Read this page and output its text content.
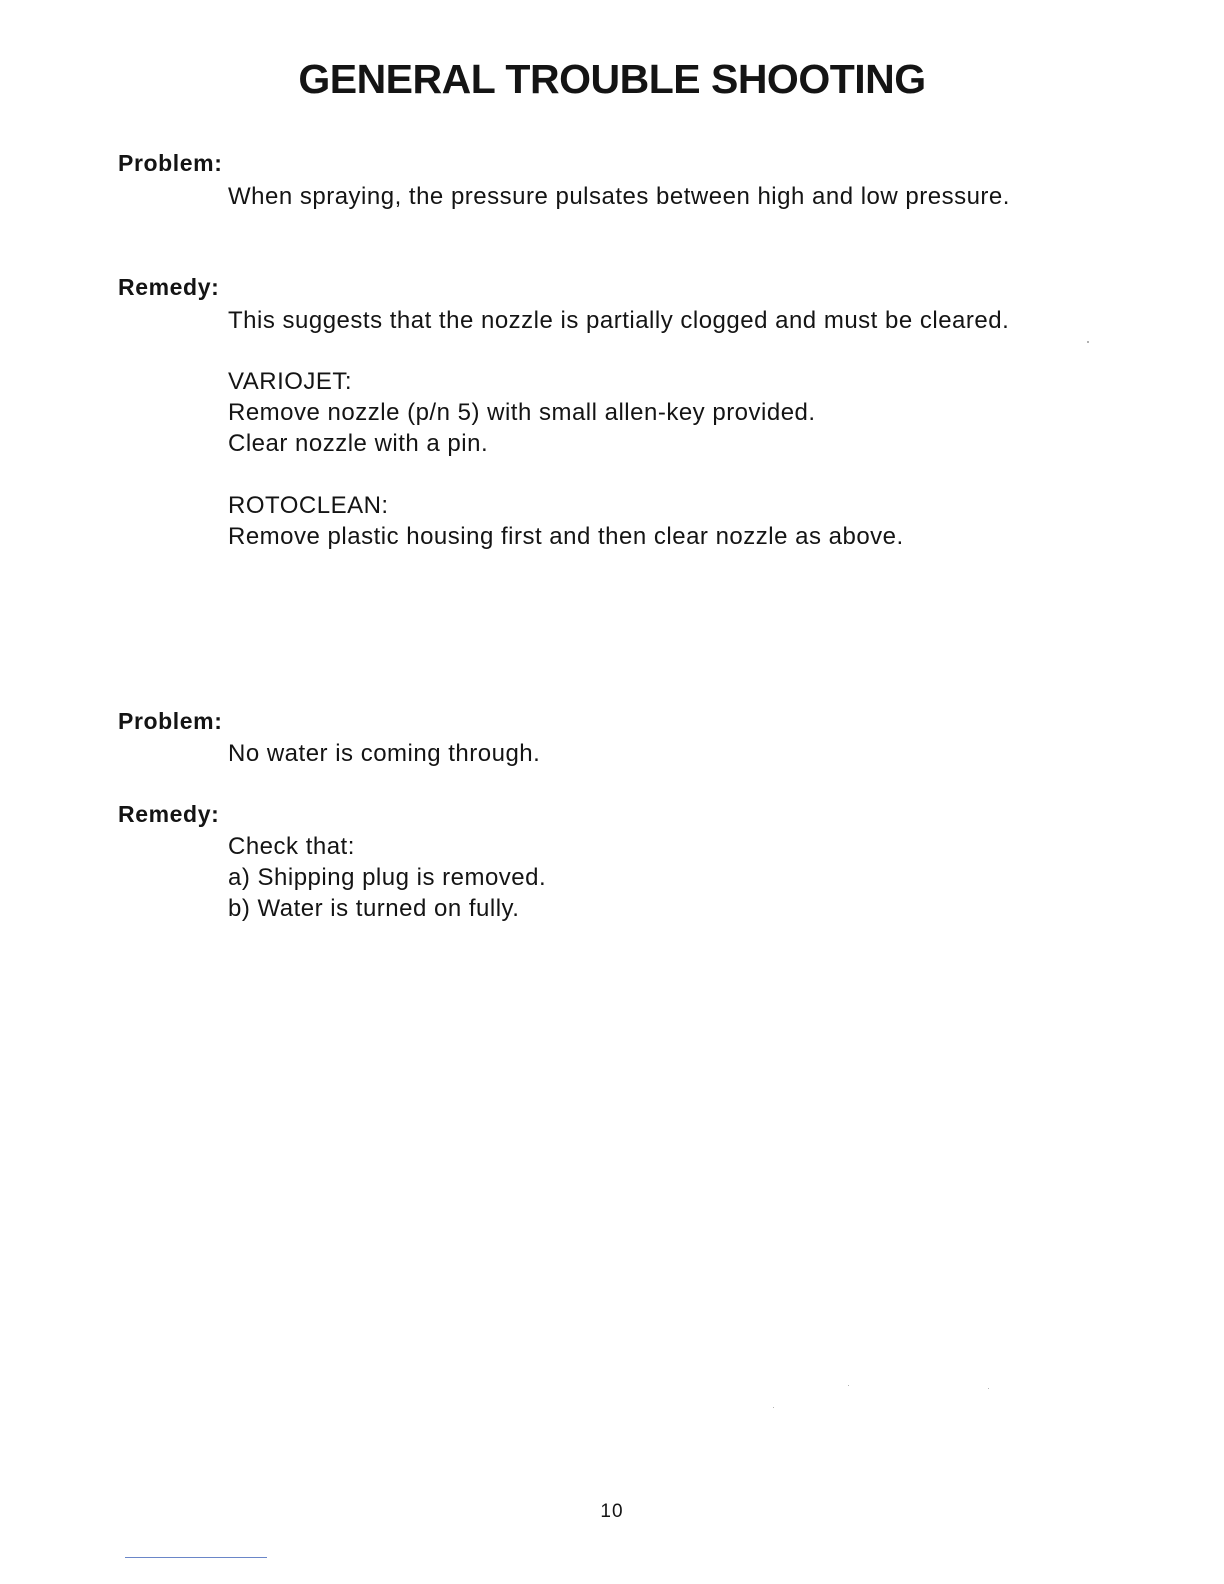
GENERAL TROUBLE SHOOTING

Problem:

When spraying, the pressure pulsates between high and low pressure.

Remedy:

This suggests that the nozzle is partially clogged and must be cleared.

VARIOJET:

Remove nozzle (p/n 5) with small allen-key provided.

Clear nozzle with a pin.

ROTOCLEAN:

Remove plastic housing first and then clear nozzle as above.

Problem:

No water is coming through.

Remedy:

Check that:

a) Shipping plug is removed.

b) Water is turned on fully.

10
